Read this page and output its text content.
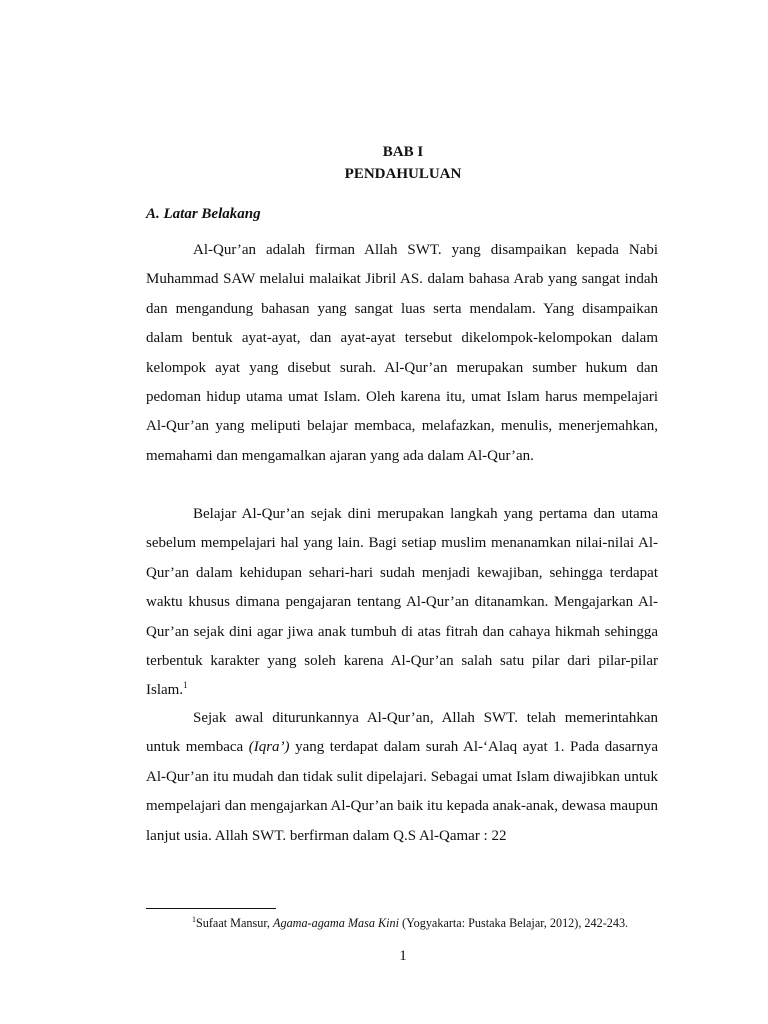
BAB I
PENDAHULUAN
A. Latar Belakang

Al-Qur’an adalah firman Allah SWT. yang disampaikan kepada Nabi Muhammad SAW melalui malaikat Jibril AS. dalam bahasa Arab yang sangat indah dan mengandung bahasan yang sangat luas serta mendalam. Yang disampaikan dalam bentuk ayat-ayat, dan ayat-ayat tersebut dikelompok-kelompokan dalam kelompok ayat yang disebut surah. Al-Qur’an merupakan sumber hukum dan pedoman hidup utama umat Islam. Oleh karena itu, umat Islam harus mempelajari Al-Qur’an yang meliputi belajar membaca, melafazkan, menulis, menerjemahkan, memahami dan mengamalkan ajaran yang ada dalam Al-Qur’an.

Belajar Al-Qur’an sejak dini merupakan langkah yang pertama dan utama sebelum mempelajari hal yang lain. Bagi setiap muslim menanamkan nilai-nilai Al-Qur’an dalam kehidupan sehari-hari sudah menjadi kewajiban, sehingga terdapat waktu khusus dimana pengajaran tentang Al-Qur’an ditanamkan. Mengajarkan Al-Qur’an sejak dini agar jiwa anak tumbuh di atas fitrah dan cahaya hikmah sehingga terbentuk karakter yang soleh karena Al-Qur’an salah satu pilar dari pilar-pilar Islam.$^1$

Sejak awal diturunkannya Al-Qur’an, Allah SWT. telah memerintahkan untuk membaca (Iqra’) yang terdapat dalam surah Al-‘Alaq ayat 1. Pada dasarnya Al-Qur’an itu mudah dan tidak sulit dipelajari. Sebagai umat Islam diwajibkan untuk mempelajari dan mengajarkan Al-Qur’an baik itu kepada anak-anak, dewasa maupun lanjut usia. Allah SWT. berfirman dalam Q.S Al-Qamar : 22

$^1$Sufaat Mansur, Agama-agama Masa Kini (Yogyakarta: Pustaka Belajar, 2012), 242-243.
1
